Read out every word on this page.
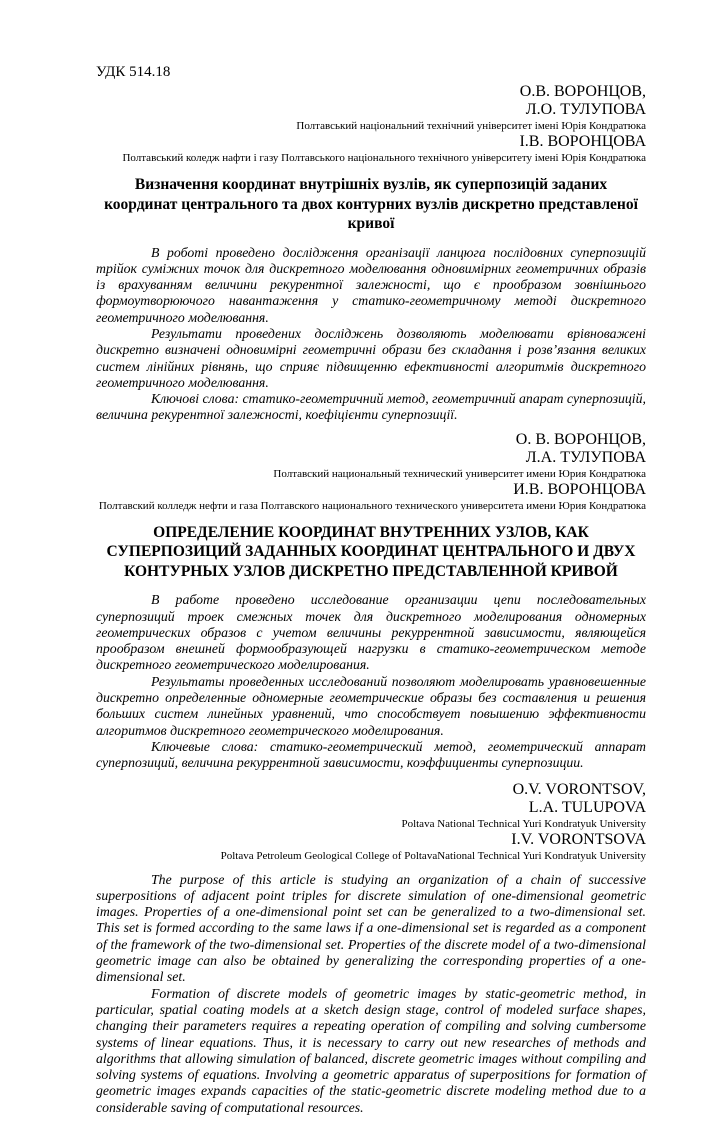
УДК 514.18
О.В. ВОРОНЦОВ,
Л.О. ТУЛУПОВА
Полтавський національний технічний університет імені Юрія Кондратюка
І.В. ВОРОНЦОВА
Полтавський коледж нафти і газу Полтавського національного технічного університету імені Юрія Кондратюка
Визначення координат внутрішніх вузлів, як суперпозицій заданих координат центрального та двох контурних вузлів дискретно представленої кривої

В роботі проведено дослідження організації ланцюга послідовних суперпозицій трійок суміжних точок для дискретного моделювання одновимірних геометричних образів із врахуванням величини рекурентної залежності, що є прообразом зовнішнього формоутворюючого навантаження у статико-геометричному методі дискретного геометричного моделювання.

Результати проведених досліджень дозволяють моделювати врівноважені дискретно визначені одновимірні геометричні образи без складання і розв’язання великих систем лінійних рівнянь, що сприяє підвищенню ефективності алгоритмів дискретного геометричного моделювання.

Ключові слова: статико-геометричний метод, геометричний апарат суперпозицій, величина рекурентної залежності, коефіцієнти суперпозиції.

О. В. ВОРОНЦОВ,
Л.А. ТУЛУПОВА
Полтавский национальный технический университет имени Юрия Кондратюка
И.В. ВОРОНЦОВА
Полтавский колледж нефти и газа Полтавского национального технического университета имени Юрия Кондратюка
ОПРЕДЕЛЕНИЕ КООРДИНАТ ВНУТРЕННИХ УЗЛОВ, КАК СУПЕРПОЗИЦИЙ ЗАДАННЫХ КООРДИНАТ ЦЕНТРАЛЬНОГО И ДВУХ КОНТУРНЫХ УЗЛОВ ДИСКРЕТНО ПРЕДСТАВЛЕННОЙ КРИВОЙ

В работе проведено исследование организации цепи последовательных суперпозиций троек смежных точек для дискретного моделирования одномерных геометрических образов с учетом величины рекуррентной зависимости, являющейся прообразом внешней формообразующей нагрузки в статико-геометрическом методе дискретного геометрического моделирования.

Результаты проведенных исследований позволяют моделировать уравновешенные дискретно определенные одномерные геометрические образы без составления и решения больших систем линейных уравнений, что способствует повышению эффективности алгоритмов дискретного геометрического моделирования.

Ключевые слова: статико-геометрический метод, геометрический аппарат суперпозиций, величина рекуррентной зависимости, коэффициенты суперпозиции.

O.V. VORONTSOV,
L.A. TULUPOVA
Poltava National Technical Yuri Kondratyuk University
I.V. VORONTSOVA
Poltava Petroleum Geological College of PoltavaNational Technical Yuri Kondratyuk University

The purpose of this article is studying an organization of a chain of successive superpositions of adjacent point triples for discrete simulation of one-dimensional geometric images. Properties of a one-dimensional point set can be generalized to a two-dimensional set. This set is formed according to the same laws if a one-dimensional set is regarded as a component of the framework of the two-dimensional set. Properties of the discrete model of a two-dimensional geometric image can also be obtained by generalizing the corresponding properties of a one-dimensional set.

Formation of discrete models of geometric images by static-geometric method, in particular, spatial coating models at a sketch design stage, control of modeled surface shapes, changing their parameters requires a repeating operation of compiling and solving cumbersome systems of linear equations. Thus, it is necessary to carry out new researches of methods and algorithms that allowing simulation of balanced, discrete geometric images without compiling and solving systems of equations. Involving a geometric apparatus of superpositions for formation of geometric images expands capacities of the static-geometric discrete modeling method due to a considerable saving of computational resources.
